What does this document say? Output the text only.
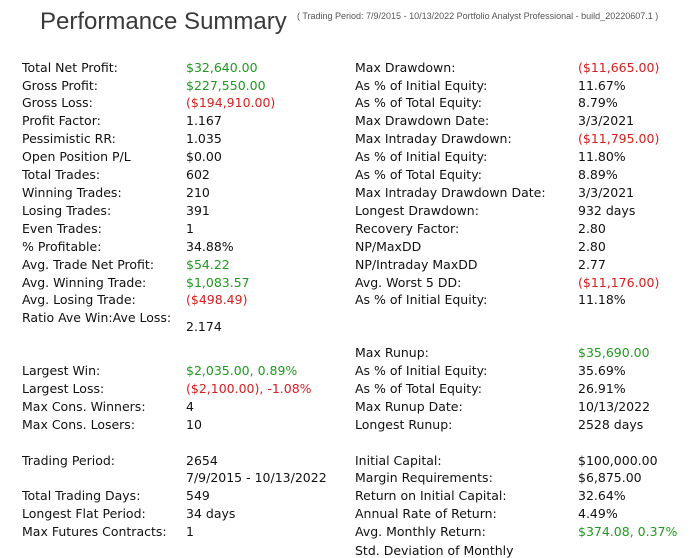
Performance Summary ( Trading Period: 7/9/2015 - 10/13/2022 Portfolio Analyst Professional - build_20220607.1 )
Total Net Profit:	$32,640.00
Gross Profit:	$227,550.00
Gross Loss:	($194,910.00)
Profit Factor:	1.167
Pessimistic RR:	1.035
Open Position P/L	$0.00
Total Trades:	602
Winning Trades:	210
Losing Trades:	391
Even Trades:	1
% Profitable:	34.88%
Avg. Trade Net Profit:	$54.22
Avg. Winning Trade:	$1,083.57
Avg. Losing Trade:	($498.49)
Ratio Ave Win:Ave Loss:
2.174
Largest Win:	$2,035.00, 0.89%
Largest Loss:	($2,100.00), -1.08%
Max Cons. Winners:	4
Max Cons. Losers:	10
Trading Period:	2654
7/9/2015 - 10/13/2022
Total Trading Days:	549
Longest Flat Period:	34 days
Max Futures Contracts: 1
Max Drawdown:	($11,665.00)
As % of Initial Equity:	11.67%
As % of Total Equity:	8.79%
Max Drawdown Date:	3/3/2021
Max Intraday Drawdown:	($11,795.00)
As % of Initial Equity:	11.80%
As % of Total Equity:	8.89%
Max Intraday Drawdown Date:	3/3/2021
Longest Drawdown:	932 days
Recovery Factor:	2.80
NP/MaxDD	2.80
NP/Intraday MaxDD	2.77
Avg. Worst 5 DD:	($11,176.00)
As % of Initial Equity:	11.18%
Max Runup:	$35,690.00
As % of Initial Equity:	35.69%
As % of Total Equity:	26.91%
Max Runup Date:	10/13/2022
Longest Runup:	2528 days
Initial Capital:	$100,000.00
Margin Requirements:	$6,875.00
Return on Initial Capital:	32.64%
Annual Rate of Return:	4.49%
Avg. Monthly Return:	$374.08, 0.37%
Std. Deviation of Monthly
